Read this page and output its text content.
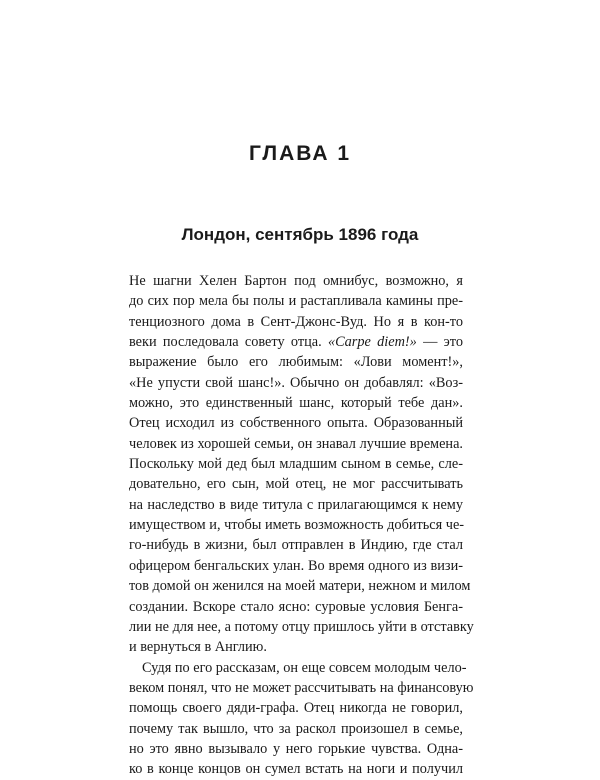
ГЛАВА 1
Лондон, сентябрь 1896 года
Не шагни Хелен Бартон под омнибус, возможно, я
до сих пор мела бы полы и растапливала камины пре-
тенциозного дома в Сент-Джонс-Вуд. Но я в кон-то
веки последовала совету отца. «Carpe diem!» — это
выражение было его любимым: «Лови момент!»,
«Не упусти свой шанс!». Обычно он добавлял: «Воз-
можно, это единственный шанс, который тебе дан».
Отец исходил из собственного опыта. Образованный
человек из хорошей семьи, он знавал лучшие времена.
Поскольку мой дед был младшим сыном в семье, сле-
довательно, его сын, мой отец, не мог рассчитывать
на наследство в виде титула с прилагающимся к нему
имуществом и, чтобы иметь возможность добиться че-
го-нибудь в жизни, был отправлен в Индию, где стал
офицером бенгальских улан. Во время одного из визи-
тов домой он женился на моей матери, нежном и милом
создании. Вскоре стало ясно: суровые условия Бенга-
лии не для нее, а потому отцу пришлось уйти в отставку
и вернуться в Англию.
Судя по его рассказам, он еще совсем молодым чело-
веком понял, что не может рассчитывать на финансовую
помощь своего дяди-графа. Отец никогда не говорил,
почему так вышло, что за раскол произошел в семье,
но это явно вызывало у него горькие чувства. Одна-
ко в конце концов он сумел встать на ноги и получил
